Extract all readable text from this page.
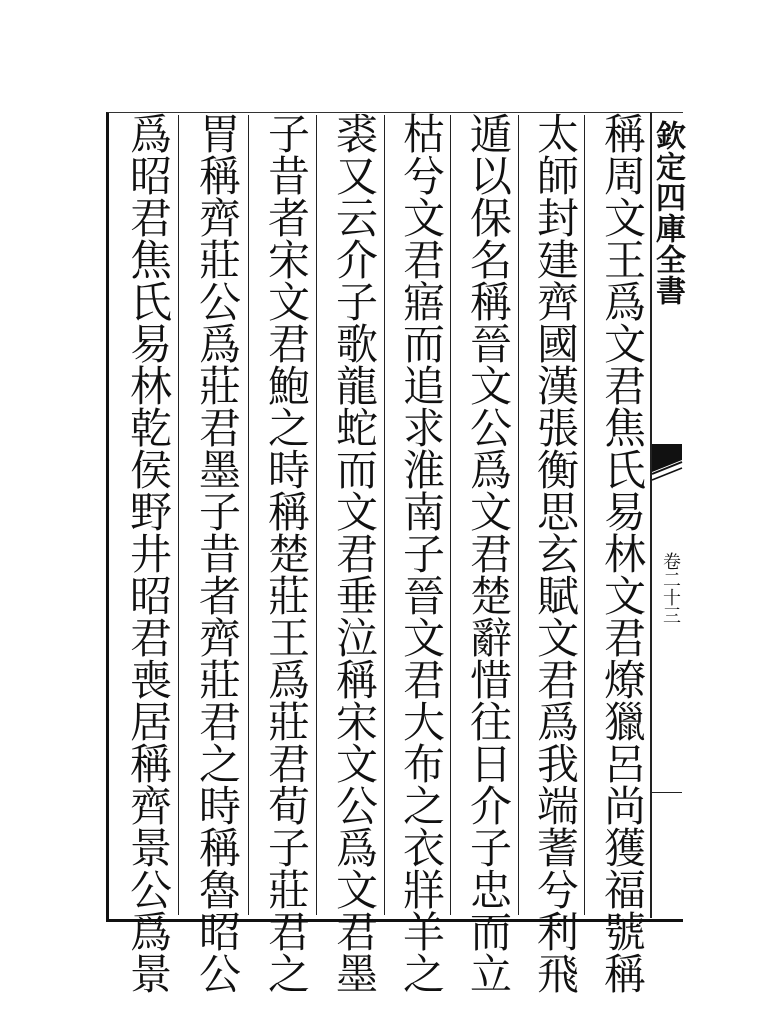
稱周文王爲文君焦氏易林文君燎獵呂尚獲福號稱
太師封建齊國漢張衡思玄賦文君爲我端蓍兮利飛
遁以保名稱晉文公爲文君楚辭惜往日介子忠而立
枯兮文君寤而追求淮南子晉文君大布之衣牂羊之
裘又云介子歌龍蛇而文君垂泣稱宋文公爲文君墨
子昔者宋文君鮑之時稱楚莊王爲莊君荀子莊君之
胃稱齊莊公爲莊君墨子昔者齊莊君之時稱魯昭公
爲昭君焦氏易林乾侯野井昭君喪居稱齊景公爲景	欽定四庫全書
卷二十三
